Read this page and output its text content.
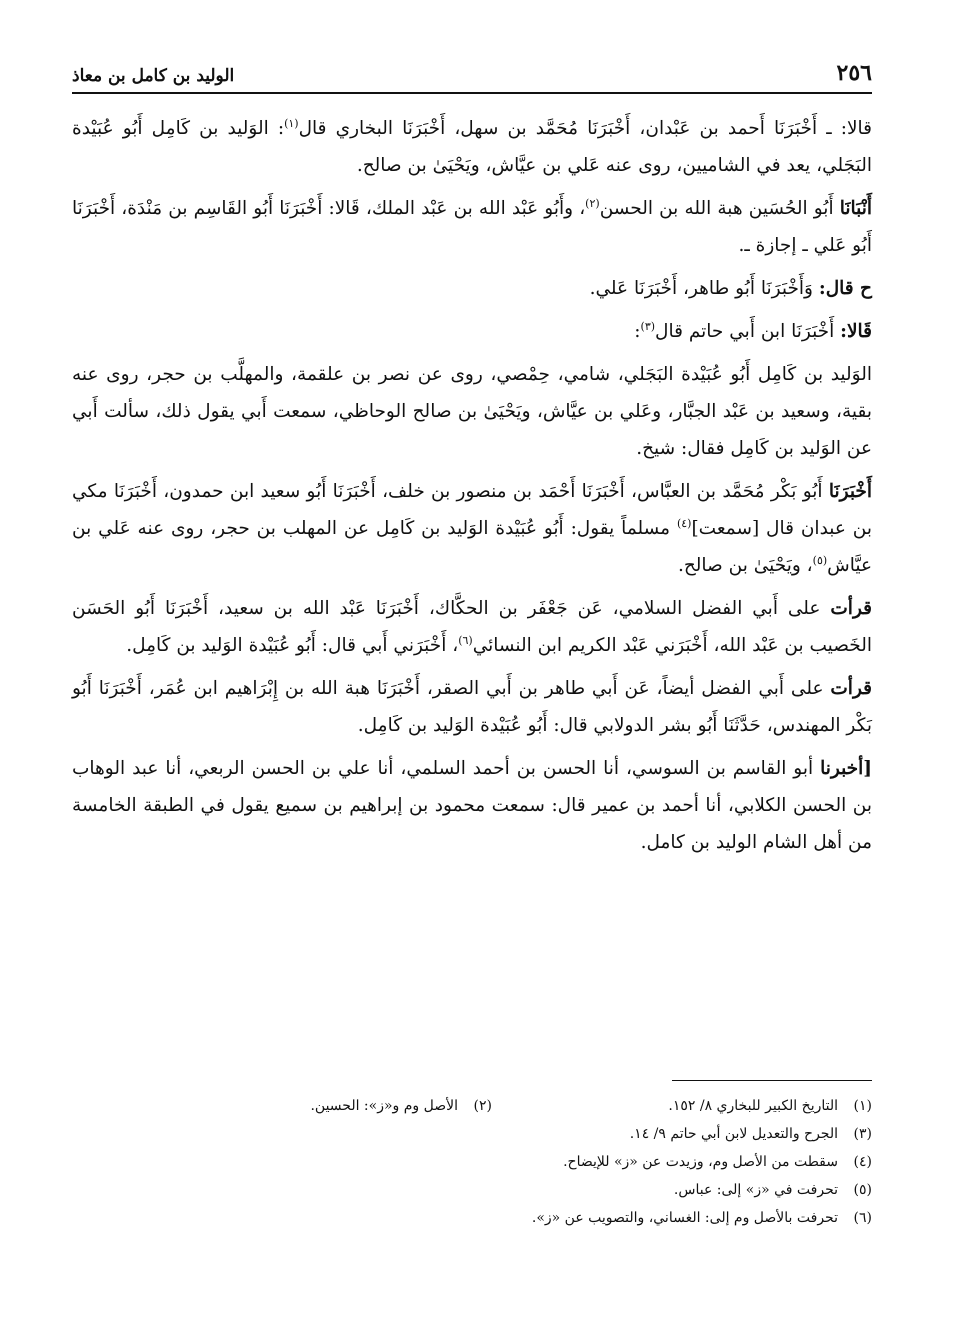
٢٥٦
الوليد بن كامل بن معاذ

قالا: ـ أَخْبَرَنَا أَحمد بن عَبْدان، أَخْبَرَنَا مُحَمَّد بن سهل، أَخْبَرَنَا البخاري قال$^{(١)}$: الوَليد بن كَامِل أَبُو عُبَيْدة البَجَلي، يعد في الشاميين، روى عنه عَلي بن عيَّاش، ويَحْيَىٰ بن صالح.

أَنْبَانَا أَبُو الحُسَين هبة الله بن الحسن$^{(٢)}$، وأَبُو عَبْد الله بن عَبْد الملك، قَالا: أَخْبَرَنَا أَبُو القَاسِم بن مَنْدَة، أَخْبَرَنَا أَبُو عَلي ـ إجازة ـ.

ح قال: وَأَخْبَرَنَا أَبُو طاهر، أَخْبَرَنَا عَلي.

قَالا: أَخْبَرَنَا ابن أَبي حاتم قال$^{(٣)}$:

الوَليد بن كَامِل أَبُو عُبَيْدة البَجَلي، شامي، حِمْصي، روى عن نصر بن علقمة، والمهلَّب بن حجر، روى عنه بقية، وسعيد بن عَبْد الجبَّار، وعَلي بن عيَّاش، ويَحْيَىٰ بن صالح الوحاظي، سمعت أَبي يقول ذلك، سألت أَبي عن الوَليد بن كَامِل فقال: شيخ.

أَخْبَرَنَا أَبُو بَكْر مُحَمَّد بن العبَّاس، أَخْبَرَنَا أَحْمَد بن منصور بن خلف، أَخْبَرَنَا أَبُو سعيد ابن حمدون، أَخْبَرَنَا مكي بن عبدان قال [سمعت]$^{(٤)}$ مسلماً يقول: أَبُو عُبَيْدة الوَليد بن كَامِل عن المهلب بن حجر، روى عنه عَلي بن عيَّاش$^{(٥)}$، ويَحْيَىٰ بن صالح.

قرأت على أَبي الفضل السلامي، عَن جَعْفَر بن الحكَّاك، أَخْبَرَنَا عَبْد الله بن سعيد، أَخْبَرَنَا أَبُو الحَسَن الخَصيب بن عَبْد الله، أَخْبَرَني عَبْد الكريم ابن النسائي$^{(٦)}$، أَخْبَرَني أَبي قال: أَبُو عُبَيْدة الوَليد بن كَامِل.

قرأت على أَبي الفضل أيضاً، عَن أَبي طاهر بن أَبي الصقر، أَخْبَرَنَا هبة الله بن إِبْرَاهيم ابن عُمَر، أَخْبَرَنَا أَبُو بَكْر المهندس، حَدَّثَنَا أَبُو بشر الدولابي قال: أَبُو عُبَيْدة الوَليد بن كَامِل.

[أخبرنا أبو القاسم بن السوسي، أنا الحسن بن أحمد السلمي، أنا علي بن الحسن الربعي، أنا عبد الوهاب بن الحسن الكلابي، أنا أحمد بن عمير قال: سمعت محمود بن إبراهيم بن سميع يقول في الطبقة الخامسة من أهل الشام الوليد بن كامل.

(١)
التاريخ الكبير للبخاري ٨/ ١٥٢.
(٢)
الأصل وم و«ز»: الحسين.
(٣)
الجرح والتعديل لابن أبي حاتم ٩/ ١٤.
(٤)
سقطت من الأصل وم، وزيدت عن «ز» للإيضاح.
(٥)
تحرفت في «ز» إلى: عباس.
(٦)
تحرفت بالأصل وم إلى: الغساني، والتصويب عن «ز».
